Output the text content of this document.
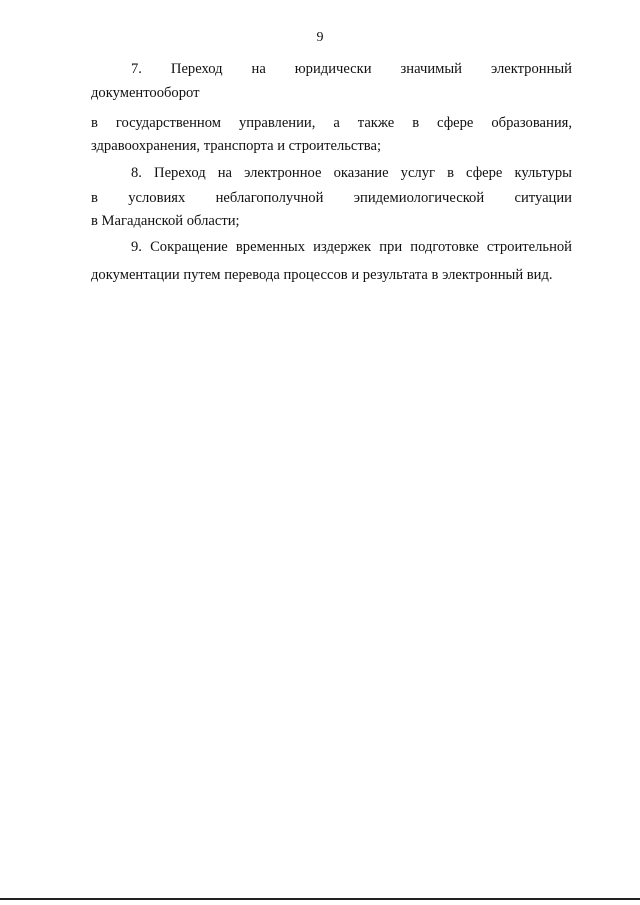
9
7. Переход на юридически значимый электронный
документооборот
в государственном управлении, а также в сфере образования,
здравоохранения, транспорта и строительства;
8. Переход на электронное оказание услуг в сфере культуры
в условиях неблагополучной эпидемиологической ситуации
в Магаданской области;
9. Сокращение временных издержек при подготовке строительной
документации путем перевода процессов и результата в электронный вид.
